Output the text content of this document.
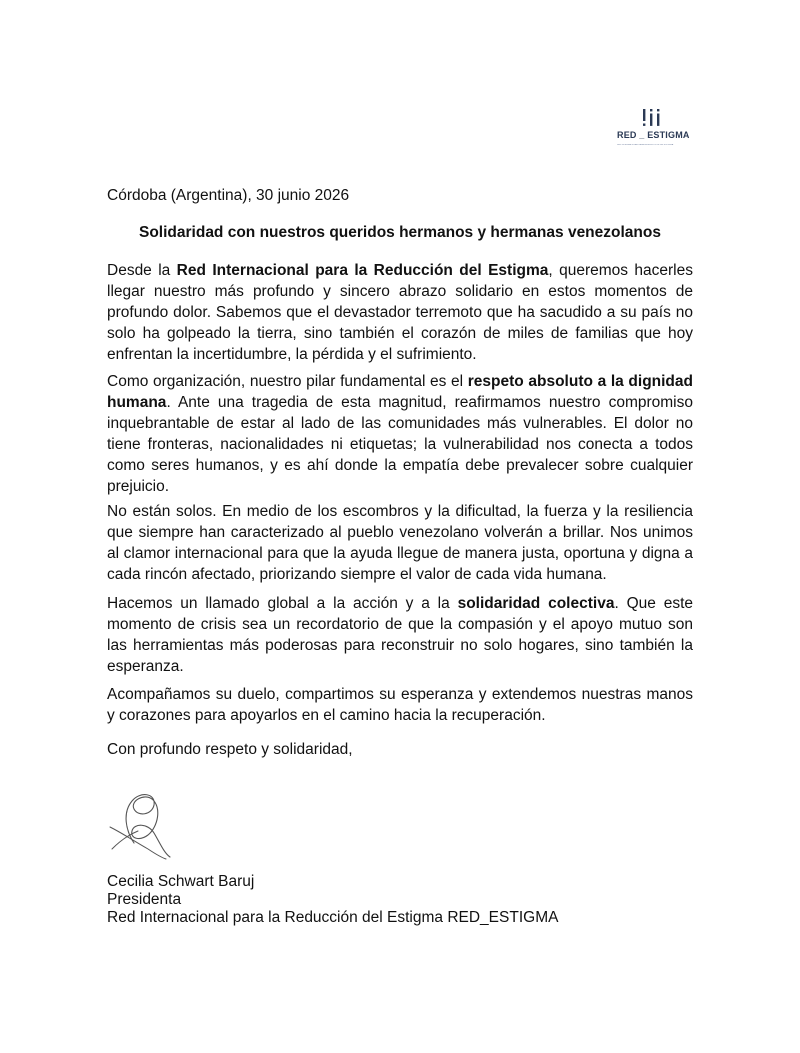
RED _ ESTIGMA
RED INTERNACIONAL PARA LA REDUCCION DEL ESTIGMA
Córdoba (Argentina), 30 junio 2026
Solidaridad con nuestros queridos hermanos y hermanas venezolanos

Desde la Red Internacional para la Reducción del Estigma, queremos hacerles llegar nuestro más profundo y sincero abrazo solidario en estos momentos de profundo dolor. Sabemos que el devastador terremoto que ha sacudido a su país no solo ha golpeado la tierra, sino también el corazón de miles de familias que hoy enfrentan la incertidumbre, la pérdida y el sufrimiento.

Como organización, nuestro pilar fundamental es el respeto absoluto a la dignidad humana. Ante una tragedia de esta magnitud, reafirmamos nuestro compromiso inquebrantable de estar al lado de las comunidades más vulnerables. El dolor no tiene fronteras, nacionalidades ni etiquetas; la vulnerabilidad nos conecta a todos como seres humanos, y es ahí donde la empatía debe prevalecer sobre cualquier prejuicio.

No están solos. En medio de los escombros y la dificultad, la fuerza y la resiliencia que siempre han caracterizado al pueblo venezolano volverán a brillar. Nos unimos al clamor internacional para que la ayuda llegue de manera justa, oportuna y digna a cada rincón afectado, priorizando siempre el valor de cada vida humana.

Hacemos un llamado global a la acción y a la solidaridad colectiva. Que este momento de crisis sea un recordatorio de que la compasión y el apoyo mutuo son las herramientas más poderosas para reconstruir no solo hogares, sino también la esperanza.

Acompañamos su duelo, compartimos su esperanza y extendemos nuestras manos y corazones para apoyarlos en el camino hacia la recuperación.

Con profundo respeto y solidaridad,
Cecilia Schwart Baruj
Presidenta
Red Internacional para la Reducción del Estigma RED_ESTIGMA
